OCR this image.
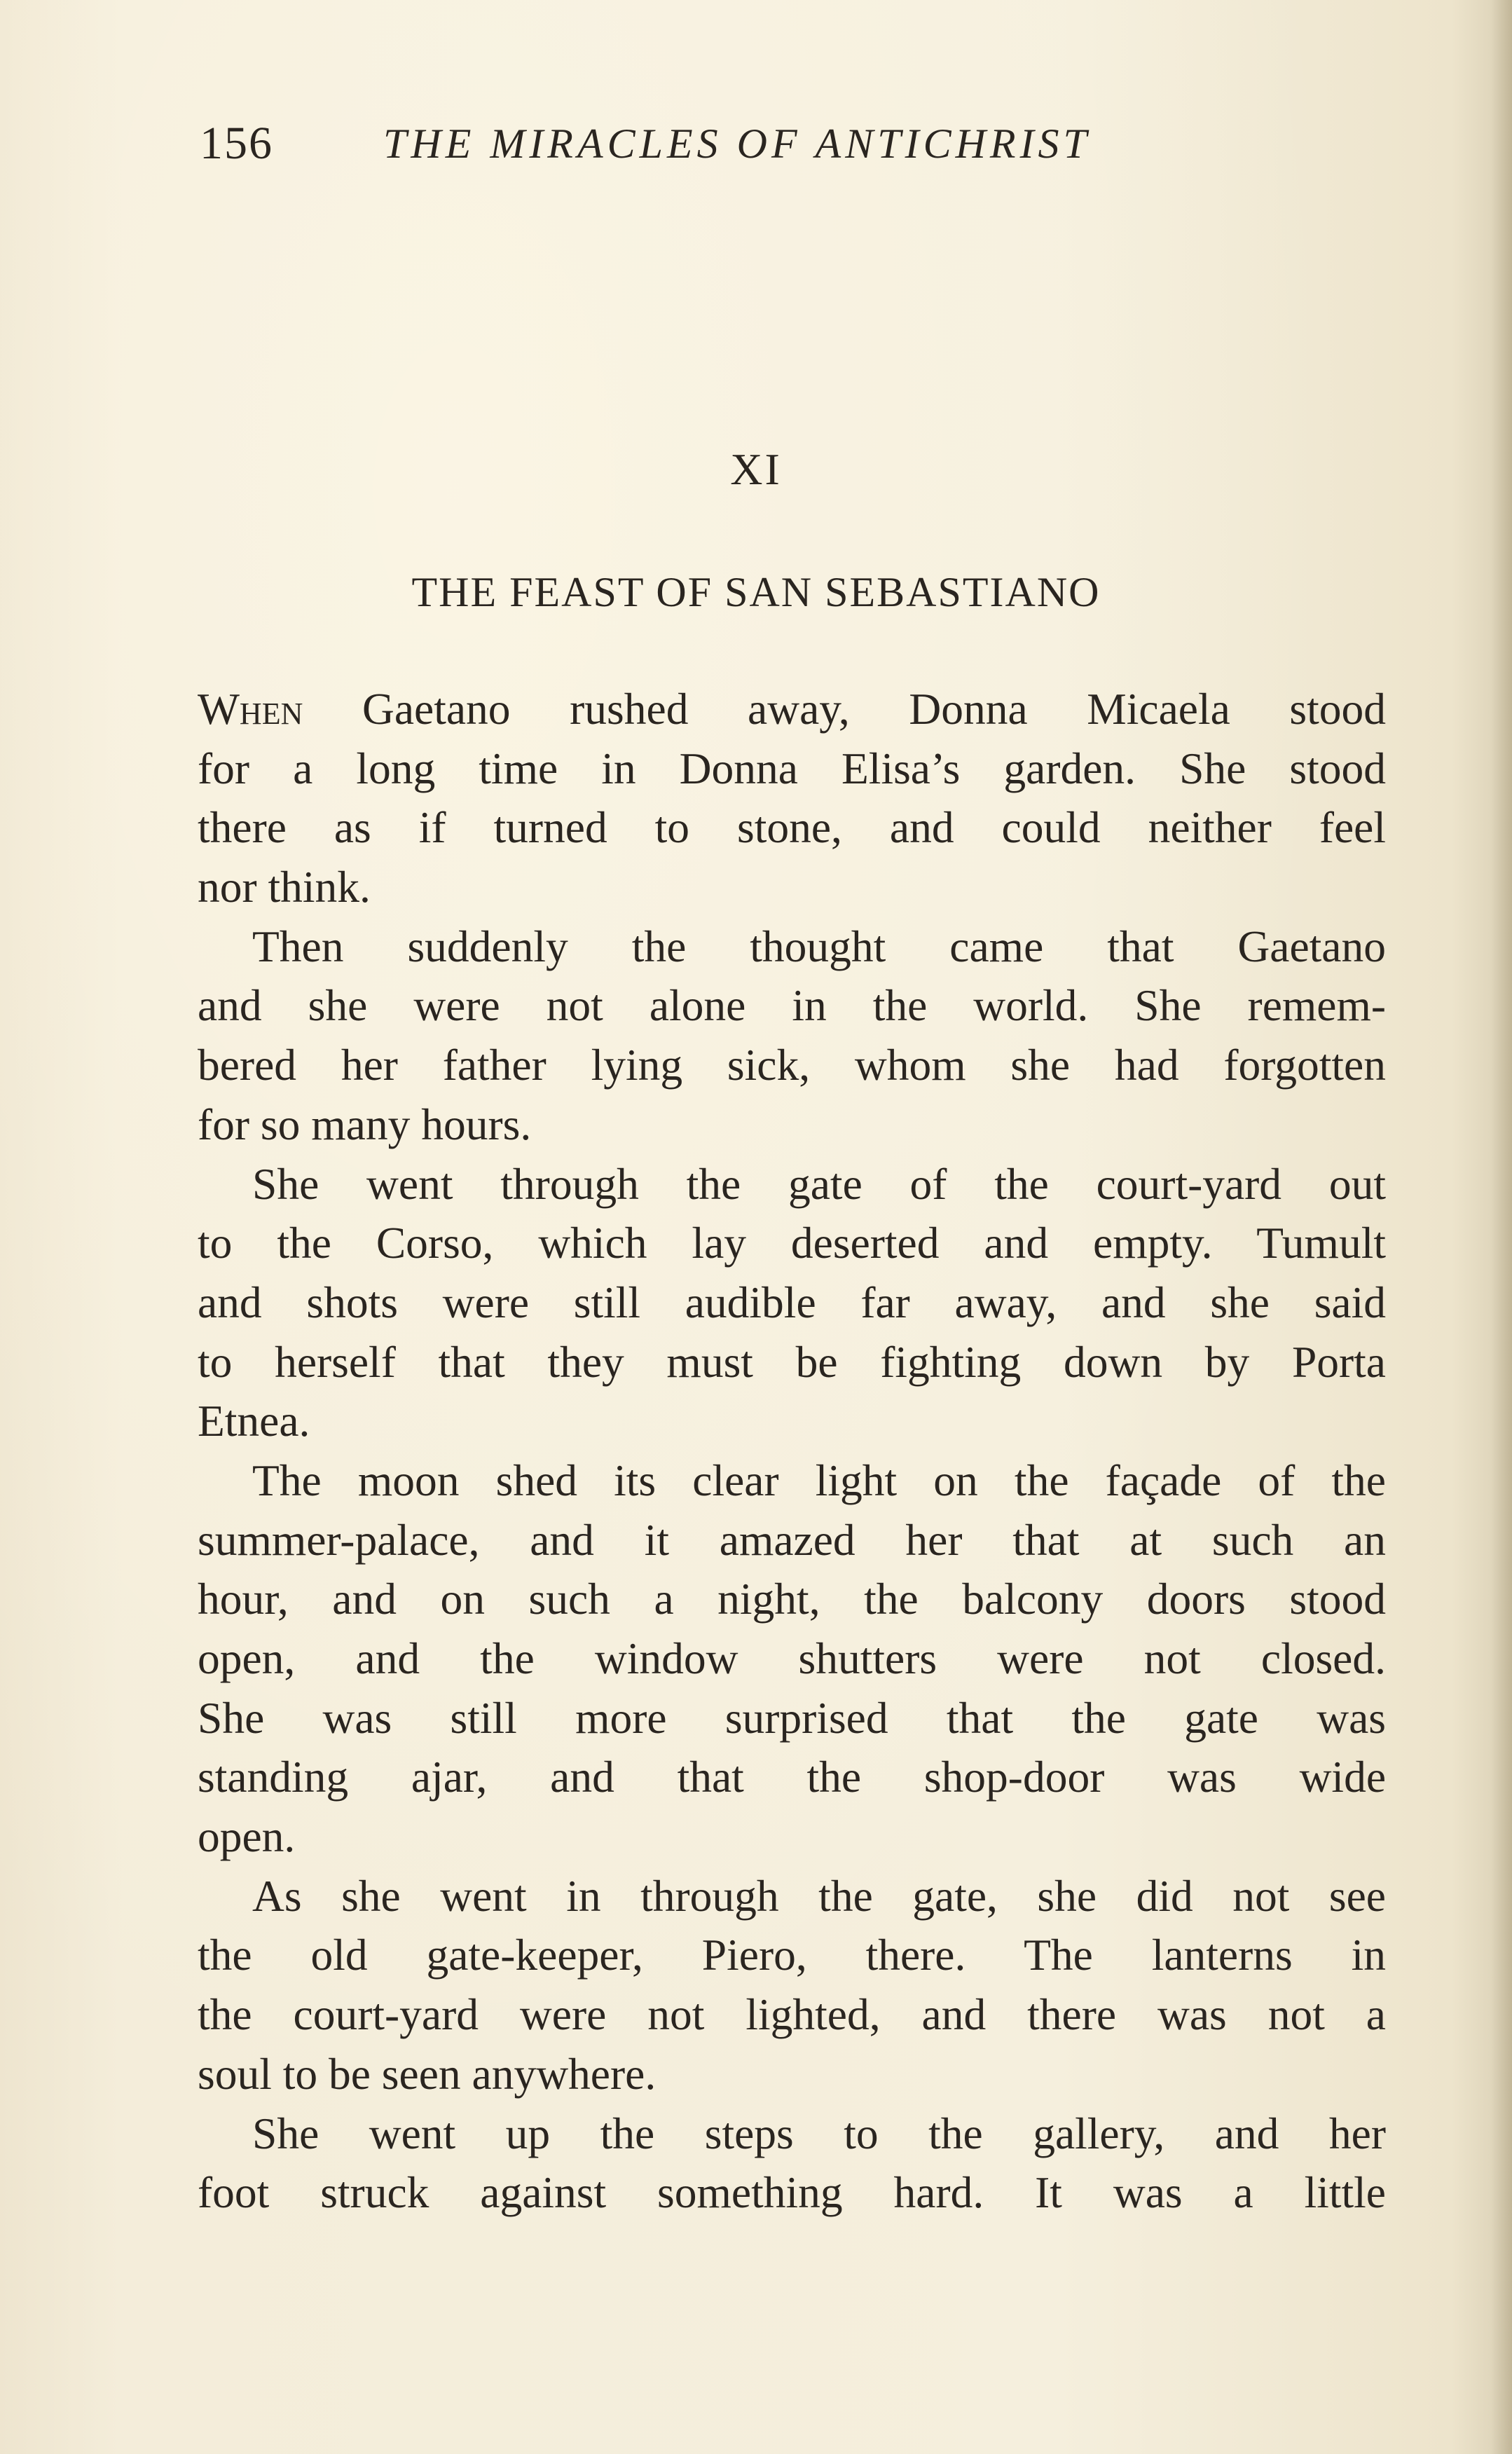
156	THE MIRACLES OF ANTICHRIST
XI
THE FEAST OF SAN SEBASTIANO
When Gaetano rushed away, Donna Micaela stood
for a long time in Donna Elisa’s garden. She stood
there as if turned to stone, and could neither feel
nor think.
Then suddenly the thought came that Gaetano
and she were not alone in the world. She remem-
bered her father lying sick, whom she had forgotten
for so many hours.
She went through the gate of the court-yard out
to the Corso, which lay deserted and empty. Tumult
and shots were still audible far away, and she said
to herself that they must be fighting down by Porta
Etnea.
The moon shed its clear light on the façade of the
summer-palace, and it amazed her that at such an
hour, and on such a night, the balcony doors stood
open, and the window shutters were not closed.
She was still more surprised that the gate was
standing ajar, and that the shop-door was wide
open.
As she went in through the gate, she did not see
the old gate-keeper, Piero, there. The lanterns in
the court-yard were not lighted, and there was not a
soul to be seen anywhere.
She went up the steps to the gallery, and her
foot struck against something hard. It was a little
